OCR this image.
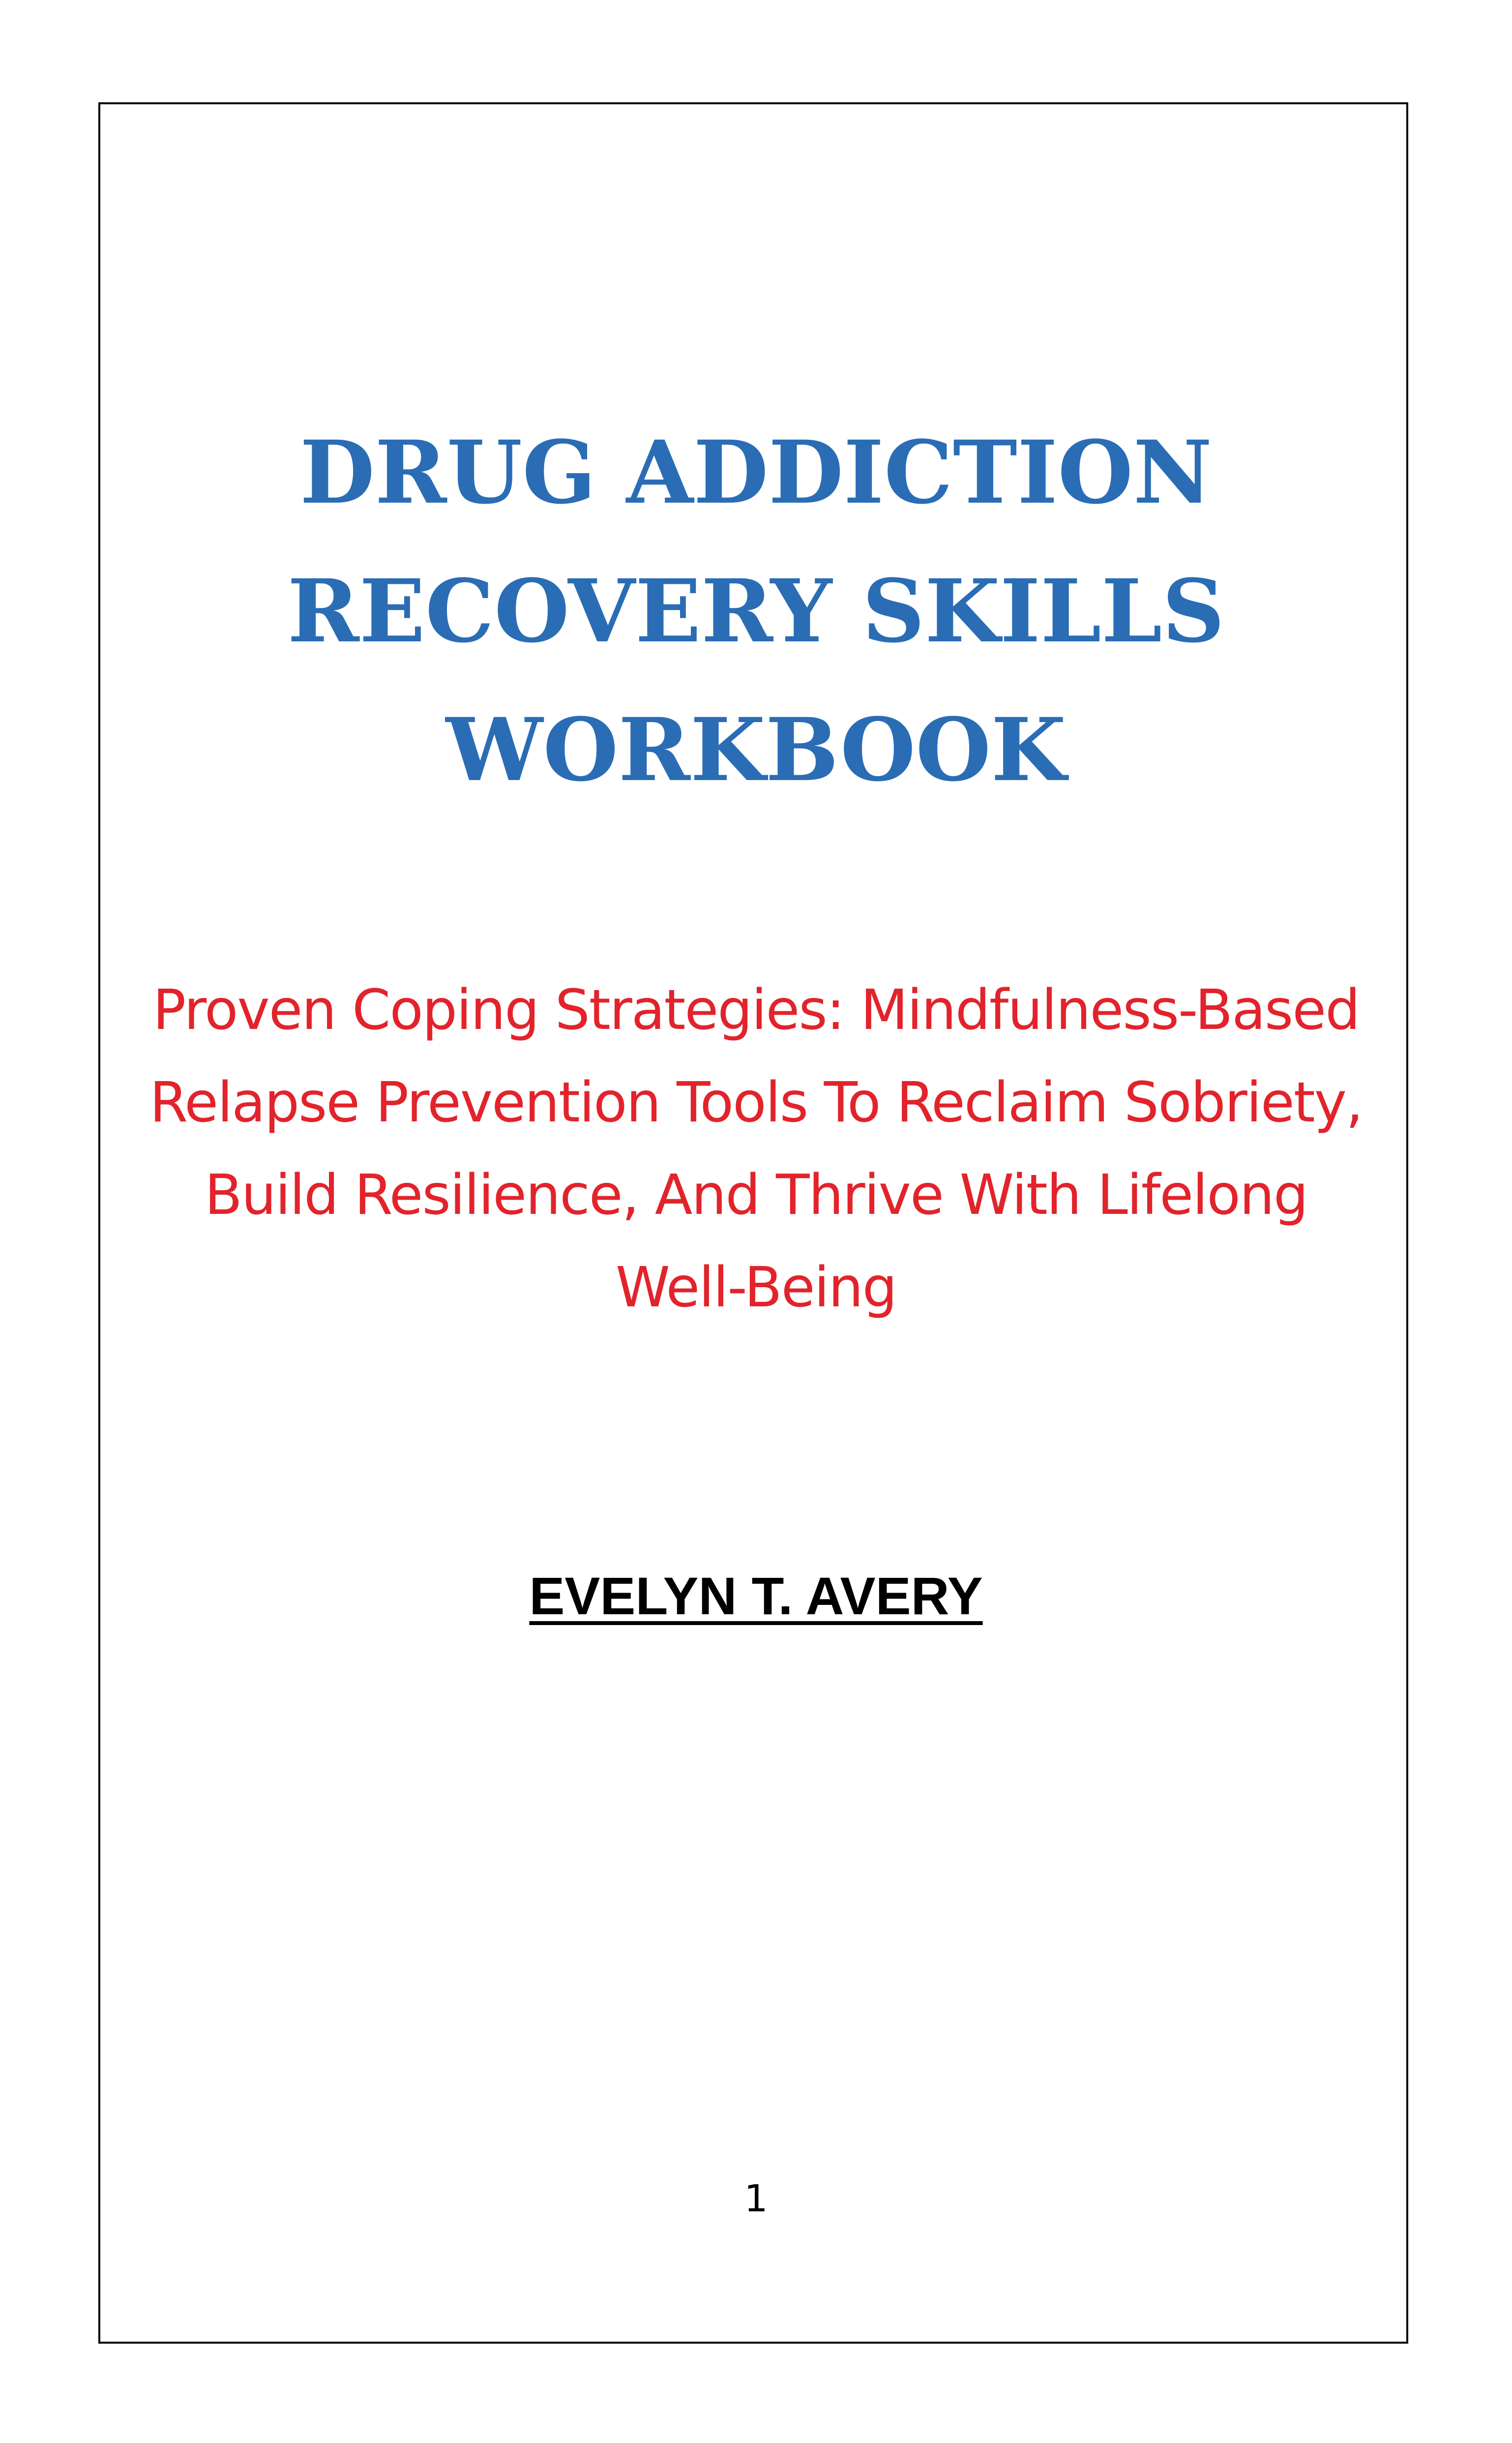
DRUG ADDICTION
RECOVERY SKILLS
WORKBOOK

Proven Coping Strategies: Mindfulness-Based
Relapse Prevention Tools To Reclaim Sobriety,
Build Resilience, And Thrive With Lifelong
Well-Being

EVELYN T. AVERY
1
